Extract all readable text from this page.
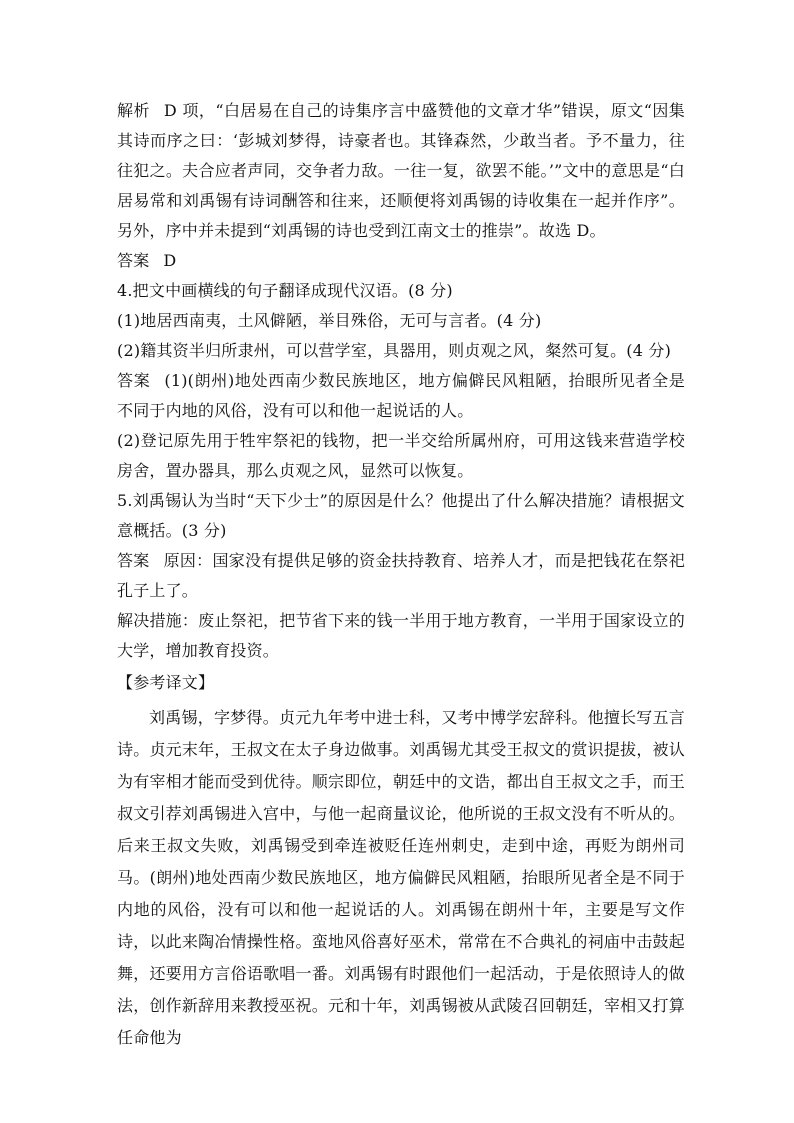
解析 D 项，“白居易在自己的诗集序言中盛赞他的文章才华”错误，原文“因集其诗而序之曰：‘彭城刘梦得，诗豪者也。其锋森然，少敢当者。予不量力，往往犯之。夫合应者声同，交争者力敌。一往一复，欲罢不能。’”文中的意思是“白居易常和刘禹锡有诗词酬答和往来，还顺便将刘禹锡的诗收集在一起并作序”。另外，序中并未提到“刘禹锡的诗也受到江南文士的推崇”。故选 D。

答案 D

4.把文中画横线的句子翻译成现代汉语。(8 分)

(1)地居西南夷，土风僻陋，举目殊俗，无可与言者。(4 分)

(2)籍其资半归所隶州，可以营学室，具器用，则贞观之风，粲然可复。(4 分)

答案 (1)(朗州)地处西南少数民族地区，地方偏僻民风粗陋，抬眼所见者全是不同于内地的风俗，没有可以和他一起说话的人。

(2)登记原先用于牲牢祭祀的钱物，把一半交给所属州府，可用这钱来营造学校房舍，置办器具，那么贞观之风，显然可以恢复。

5.刘禹锡认为当时“天下少士”的原因是什么？他提出了什么解决措施？请根据文意概括。(3 分)

答案 原因：国家没有提供足够的资金扶持教育、培养人才，而是把钱花在祭祀孔子上了。

解决措施：废止祭祀，把节省下来的钱一半用于地方教育，一半用于国家设立的大学，增加教育投资。

【参考译文】

刘禹锡，字梦得。贞元九年考中进士科，又考中博学宏辞科。他擅长写五言诗。贞元末年，王叔文在太子身边做事。刘禹锡尤其受王叔文的赏识提拔，被认为有宰相才能而受到优待。顺宗即位，朝廷中的文诰，都出自王叔文之手，而王叔文引荐刘禹锡进入宫中，与他一起商量议论，他所说的王叔文没有不听从的。后来王叔文失败，刘禹锡受到牵连被贬任连州刺史，走到中途，再贬为朗州司马。(朗州)地处西南少数民族地区，地方偏僻民风粗陋，抬眼所见者全是不同于内地的风俗，没有可以和他一起说话的人。刘禹锡在朗州十年，主要是写文作诗，以此来陶冶情操性格。蛮地风俗喜好巫术，常常在不合典礼的祠庙中击鼓起舞，还要用方言俗语歌唱一番。刘禹锡有时跟他们一起活动，于是依照诗人的做法，创作新辞用来教授巫祝。元和十年，刘禹锡被从武陵召回朝廷，宰相又打算任命他为
